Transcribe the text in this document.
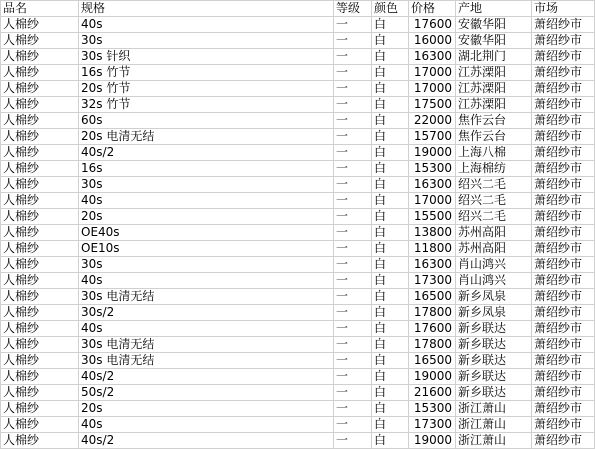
品名	规格	等级	颜色	价格	产地	市场
人棉纱	40s	一	白	17600	安徽华阳	萧绍纱市
人棉纱	30s	一	白	16000	安徽华阳	萧绍纱市
人棉纱	30s 针织	一	白	16300	湖北荆门	萧绍纱市
人棉纱	16s 竹节	一	白	17000	江苏溧阳	萧绍纱市
人棉纱	20s 竹节	一	白	17000	江苏溧阳	萧绍纱市
人棉纱	32s 竹节	一	白	17500	江苏溧阳	萧绍纱市
人棉纱	60s	一	白	22000	焦作云台	萧绍纱市
人棉纱	20s 电清无结	一	白	15700	焦作云台	萧绍纱市
人棉纱	40s/2	一	白	19000	上海八棉	萧绍纱市
人棉纱	16s	一	白	15300	上海棉纺	萧绍纱市
人棉纱	30s	一	白	16300	绍兴二毛	萧绍纱市
人棉纱	40s	一	白	17000	绍兴二毛	萧绍纱市
人棉纱	20s	一	白	15500	绍兴二毛	萧绍纱市
人棉纱	OE40s	一	白	13800	苏州高阳	萧绍纱市
人棉纱	OE10s	一	白	11800	苏州高阳	萧绍纱市
人棉纱	30s	一	白	16300	肖山鸿兴	萧绍纱市
人棉纱	40s	一	白	17300	肖山鸿兴	萧绍纱市
人棉纱	30s 电清无结	一	白	16500	新乡凤泉	萧绍纱市
人棉纱	30s/2	一	白	17800	新乡凤泉	萧绍纱市
人棉纱	40s	一	白	17600	新乡联达	萧绍纱市
人棉纱	30s 电清无结	一	白	17800	新乡联达	萧绍纱市
人棉纱	30s 电清无结	一	白	16500	新乡联达	萧绍纱市
人棉纱	40s/2	一	白	19000	新乡联达	萧绍纱市
人棉纱	50s/2	一	白	21600	新乡联达	萧绍纱市
人棉纱	20s	一	白	15300	浙江萧山	萧绍纱市
人棉纱	40s	一	白	17300	浙江萧山	萧绍纱市
人棉纱	40s/2	一	白	19000	浙江萧山	萧绍纱市
